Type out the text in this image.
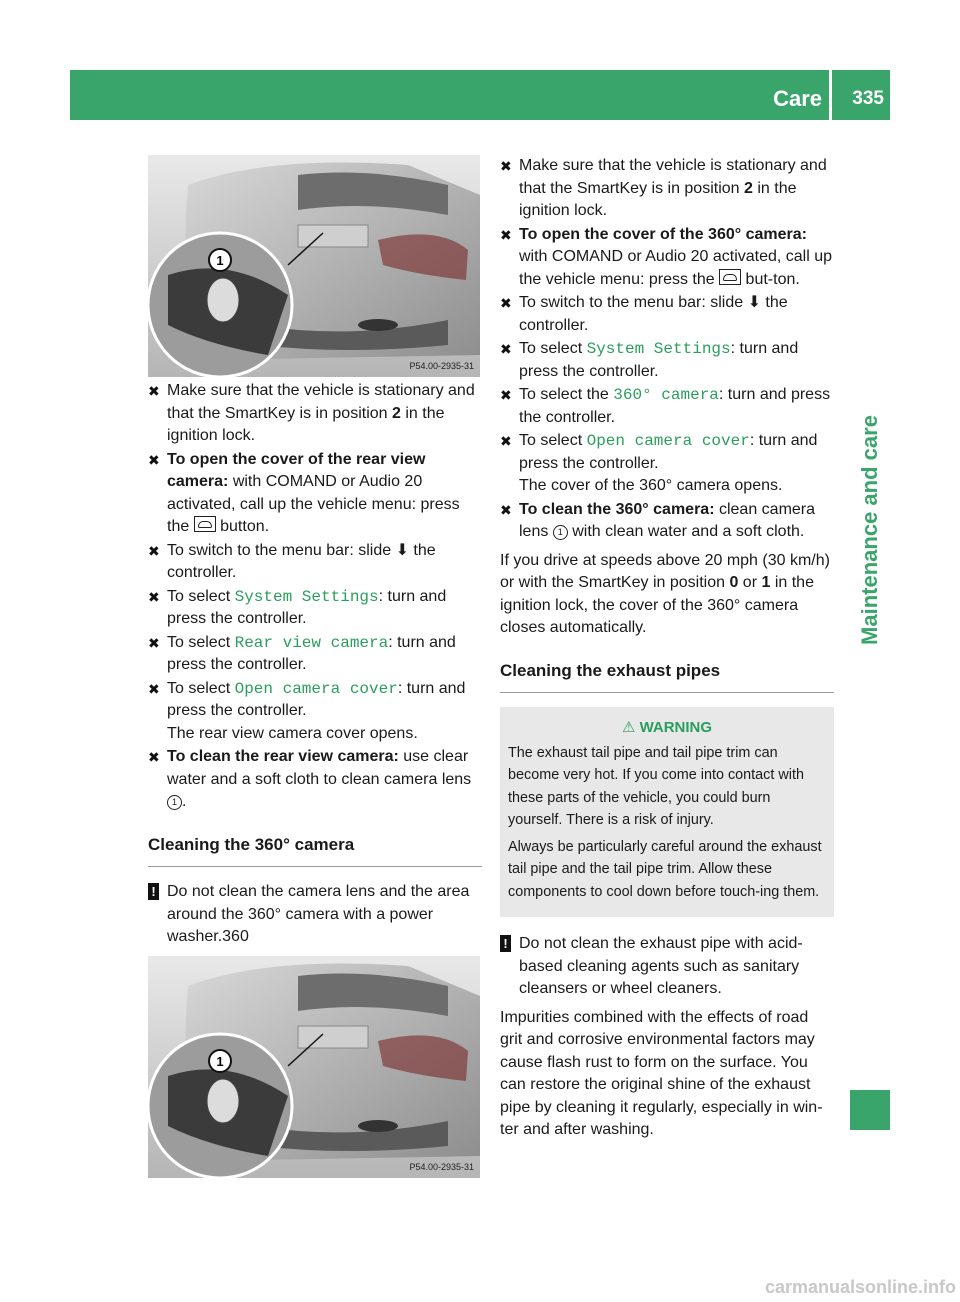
Care 335
Maintenance and care
1
P54.00-2935-31
1
P54.00-2935-31
✖ Make sure that the vehicle is stationary and that the SmartKey is in position 2 in the ignition lock.
✖ To open the cover of the rear view camera: with COMAND or Audio 20 activated, call up the vehicle menu: press the  button.
✖ To switch to the menu bar: slide ⬇ the controller.
✖ To select System Settings: turn and press the controller.
✖ To select Rear view camera: turn and press the controller.
✖ To select Open camera cover: turn and press the controller.
The rear view camera cover opens.
✖ To clean the rear view camera: use clear water and a soft cloth to clean camera lens 1 .
Cleaning the 360° camera
! Do not clean the camera lens and the area around the 360° camera with a power washer.360
✖ Make sure that the vehicle is stationary and that the SmartKey is in position 2 in the ignition lock.
✖ To open the cover of the 360° camera: with COMAND or Audio 20 activated, call up the vehicle menu: press the  but-ton.
✖ To switch to the menu bar: slide ⬇ the controller.
✖ To select System Settings: turn and press the controller.
✖ To select the 360° camera: turn and press the controller.
✖ To select Open camera cover: turn and press the controller.
The cover of the 360° camera opens.
✖ To clean the 360° camera: clean camera lens 1 with clean water and a soft cloth.

If you drive at speeds above 20 mph (30 km/h) or with the SmartKey in position 0 or 1 in the ignition lock, the cover of the 360° camera closes automatically.

Cleaning the exhaust pipes
⚠︎ WARNING

The exhaust tail pipe and tail pipe trim can become very hot. If you come into contact with these parts of the vehicle, you could burn yourself. There is a risk of injury.

Always be particularly careful around the exhaust tail pipe and the tail pipe trim. Allow these components to cool down before touch-ing them.

! Do not clean the exhaust pipe with acid-based cleaning agents such as sanitary cleansers or wheel cleaners.

Impurities combined with the effects of road grit and corrosive environmental factors may cause flash rust to form on the surface. You can restore the original shine of the exhaust pipe by cleaning it regularly, especially in win-ter and after washing.

carmanualsonline.info
